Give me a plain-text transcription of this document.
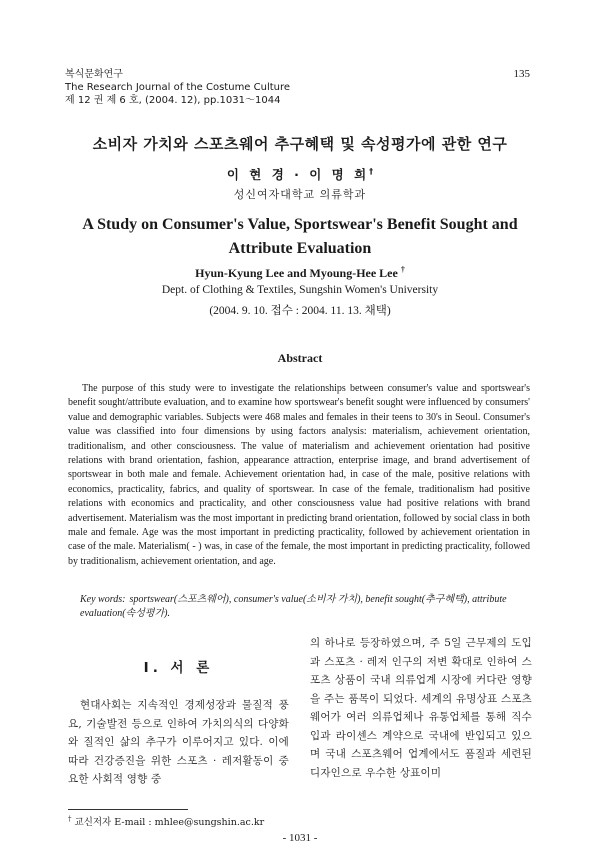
복식문화연구
The Research Journal of the Costume Culture
제 12 권 제 6 호, (2004. 12), pp.1031～1044
135
소비자 가치와 스포츠웨어 추구혜택 및 속성평가에 관한 연구
이 현 경 · 이 명 희†
성신여자대학교 의류학과
A Study on Consumer's Value, Sportswear's Benefit Sought and
Attribute Evaluation
Hyun-Kyung Lee and Myoung-Hee Lee †
Dept. of Clothing & Textiles, Sungshin Women's University
(2004. 9. 10. 접수 : 2004. 11. 13. 채택)
Abstract
The purpose of this study were to investigate the relationships between consumer's value and sportswear's benefit sought/attribute evaluation, and to examine how sportswear's benefit sought were influenced by consumers' value and demographic variables. Subjects were 468 males and females in their teens to 30's in Seoul. Consumer's value was classified into four dimensions by using factors analysis: materialism, achievement orientation, traditionalism, and other consciousness. The value of materialism and achievement orientation had positive relations with brand orientation, fashion, appearance attraction, enterprise image, and brand advertisement of sportswear in both male and female. Achievement orientation had, in case of the male, positive relations with economics, practicality, fabrics, and quality of sportswear. In case of the female, traditionalism had positive relations with economics and practicality, and other consciousness value had positive relations with brand advertisement. Materialism was the most important in predicting brand orientation, followed by social class in both male and female. Age was the most important in predicting practicality, followed by achievement orientation in case of the male. Materialism( - ) was, in case of the female, the most important in predicting practicality, followed by traditionalism, achievement orientation, and age.
Key words: sportswear(스포츠웨어), consumer's value(소비자 가치), benefit sought(추구혜택), attribute evaluation(속성평가).
I. 서 론
현대사회는 지속적인 경제성장과 물질적 풍요, 기술발전 등으로 인하여 가치의식의 다양화와 질적인 삶의 추구가 이루어지고 있다. 이에 따라 건강증진을 위한 스포츠 · 레저활동이 중요한 사회적 영향 중
의 하나로 등장하였으며, 주 5일 근무제의 도입과 스포츠 · 레저 인구의 저변 확대로 인하여 스포츠 상품이 국내 의류업계 시장에 커다란 영향을 주는 품목이 되었다. 세계의 유명상표 스포츠웨어가 여러 의류업체나 유통업체를 통해 직수입과 라이센스 계약으로 국내에 반입되고 있으며 국내 스포츠웨어 업계에서도 품질과 세련된 디자인으로 우수한 상표이미
† 교신저자 E-mail : mhlee@sungshin.ac.kr
- 1031 -
